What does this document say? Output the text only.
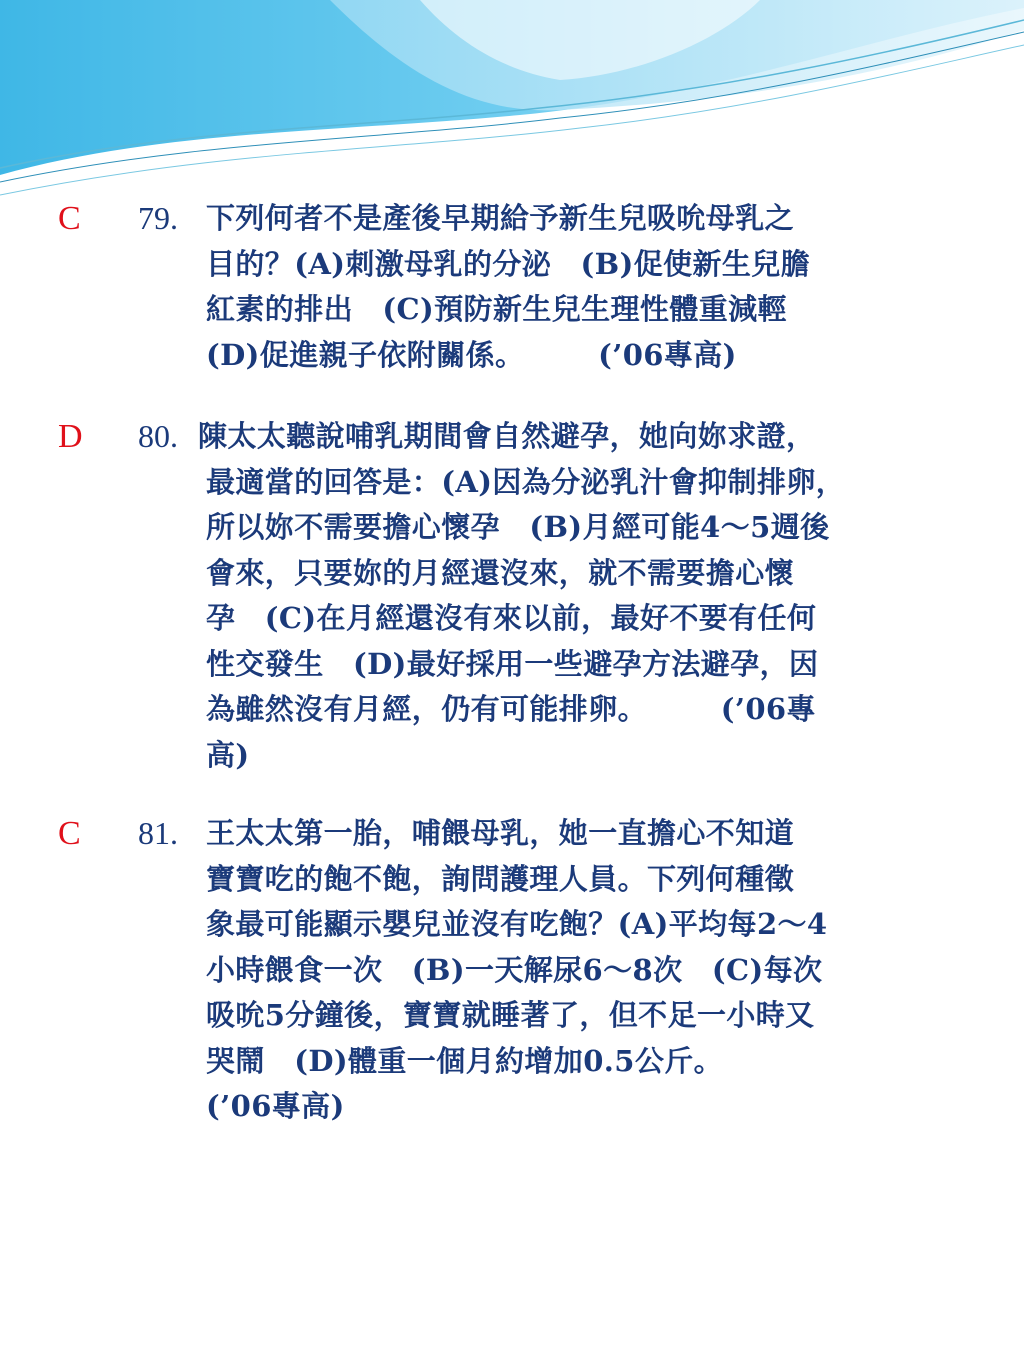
C 79. 下列何者不是產後早期給予新生兒吸吮母乳之
目的？(A)刺激母乳的分泌　(B)促使新生兒膽
紅素的排出　(C)預防新生兒生理性體重減輕
(D)促進親子依附關係。　　　(’06專高)
D 80. 陳太太聽說哺乳期間會自然避孕，她向妳求證，
最適當的回答是：(A)因為分泌乳汁會抑制排卵，
所以妳不需要擔心懷孕　(B)月經可能4～5週後
會來，只要妳的月經還沒來，就不需要擔心懷
孕　(C)在月經還沒有來以前，最好不要有任何
性交發生　(D)最好採用一些避孕方法避孕，因
為雖然沒有月經，仍有可能排卵。　　　(’06專
高)
C 81. 王太太第一胎，哺餵母乳，她一直擔心不知道
寶寶吃的飽不飽，詢問護理人員。下列何種徵
象最可能顯示嬰兒並沒有吃飽？(A)平均每2～4
小時餵食一次　(B)一天解尿6～8次　(C)每次
吸吮5分鐘後，寶寶就睡著了，但不足一小時又
哭鬧　(D)體重一個月約增加0.5公斤。
(’06專高)
